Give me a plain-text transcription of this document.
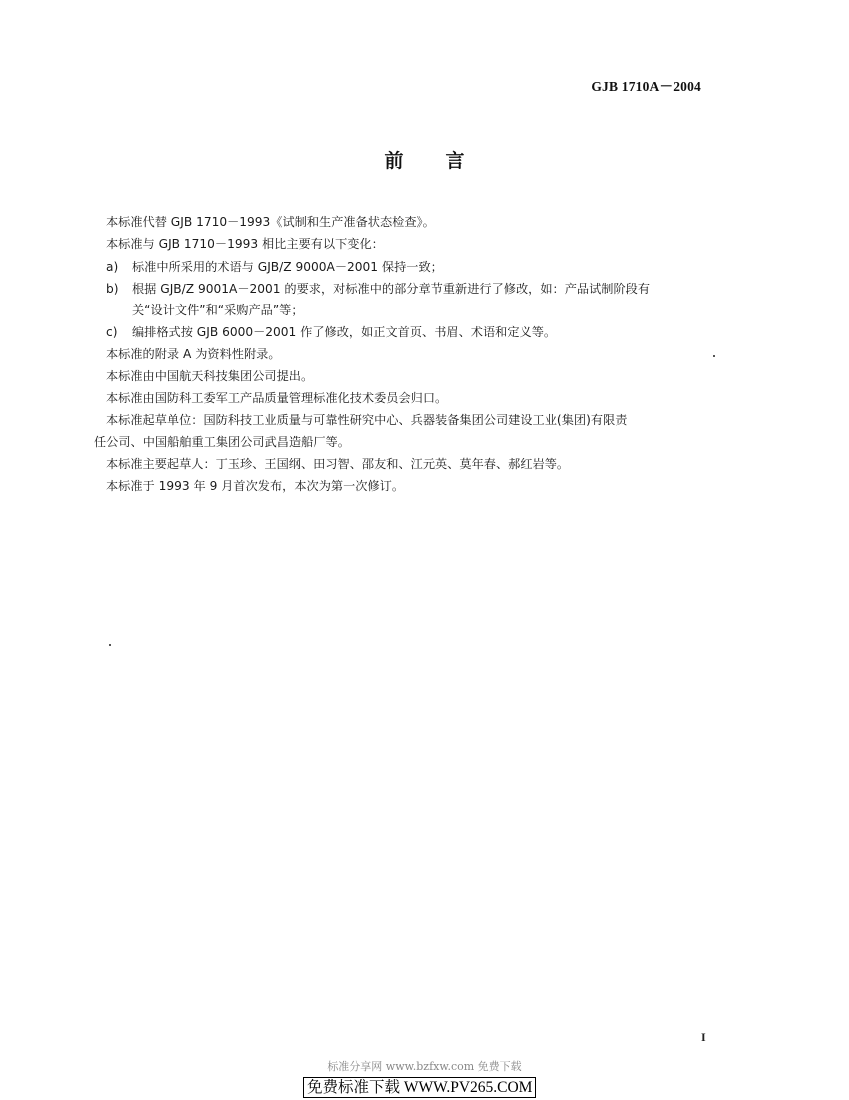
GJB 1710A－2004
前 言
本标准代替 GJB 1710－1993《试制和生产准备状态检查》。
本标准与 GJB 1710－1993 相比主要有以下变化：
a) 标准中所采用的术语与 GJB/Z 9000A－2001 保持一致；
b) 根据 GJB/Z 9001A－2001 的要求，对标准中的部分章节重新进行了修改，如：产品试制阶段有
关“设计文件”和“采购产品”等；
c) 编排格式按 GJB 6000－2001 作了修改，如正文首页、书眉、术语和定义等。
本标准的附录 A 为资料性附录。
本标准由中国航天科技集团公司提出。
本标准由国防科工委军工产品质量管理标准化技术委员会归口。
本标准起草单位：国防科技工业质量与可靠性研究中心、兵器装备集团公司建设工业(集团)有限责
任公司、中国船舶重工集团公司武昌造船厂等。
本标准主要起草人：丁玉珍、王国纲、田习智、邵友和、江元英、莫年春、郝红岩等。
本标准于 1993 年 9 月首次发布，本次为第一次修订。
I
标准分享网 www.bzfxw.com 免费下载
免费标准下载 WWW.PV265.COM
